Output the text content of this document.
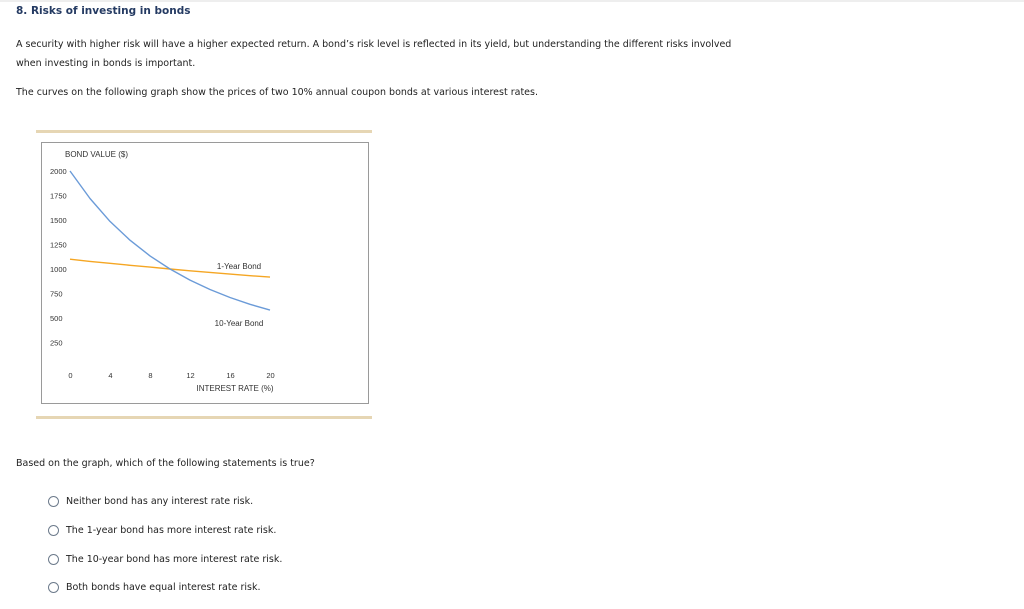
8. Risks of investing in bonds
A security with higher risk will have a higher expected return. A bond’s risk level is reflected in its yield, but understanding the different risks involved
when investing in bonds is important.
The curves on the following graph show the prices of two 10% annual coupon bonds at various interest rates.
BOND VALUE ($)
INTEREST RATE (%)
2000
1750
1500
1250
1000
750
500
250
0	4	8	12	16	20
1-Year Bond
10-Year Bond
Based on the graph, which of the following statements is true?
Neither bond has any interest rate risk.
The 1-year bond has more interest rate risk.
The 10-year bond has more interest rate risk.
Both bonds have equal interest rate risk.
